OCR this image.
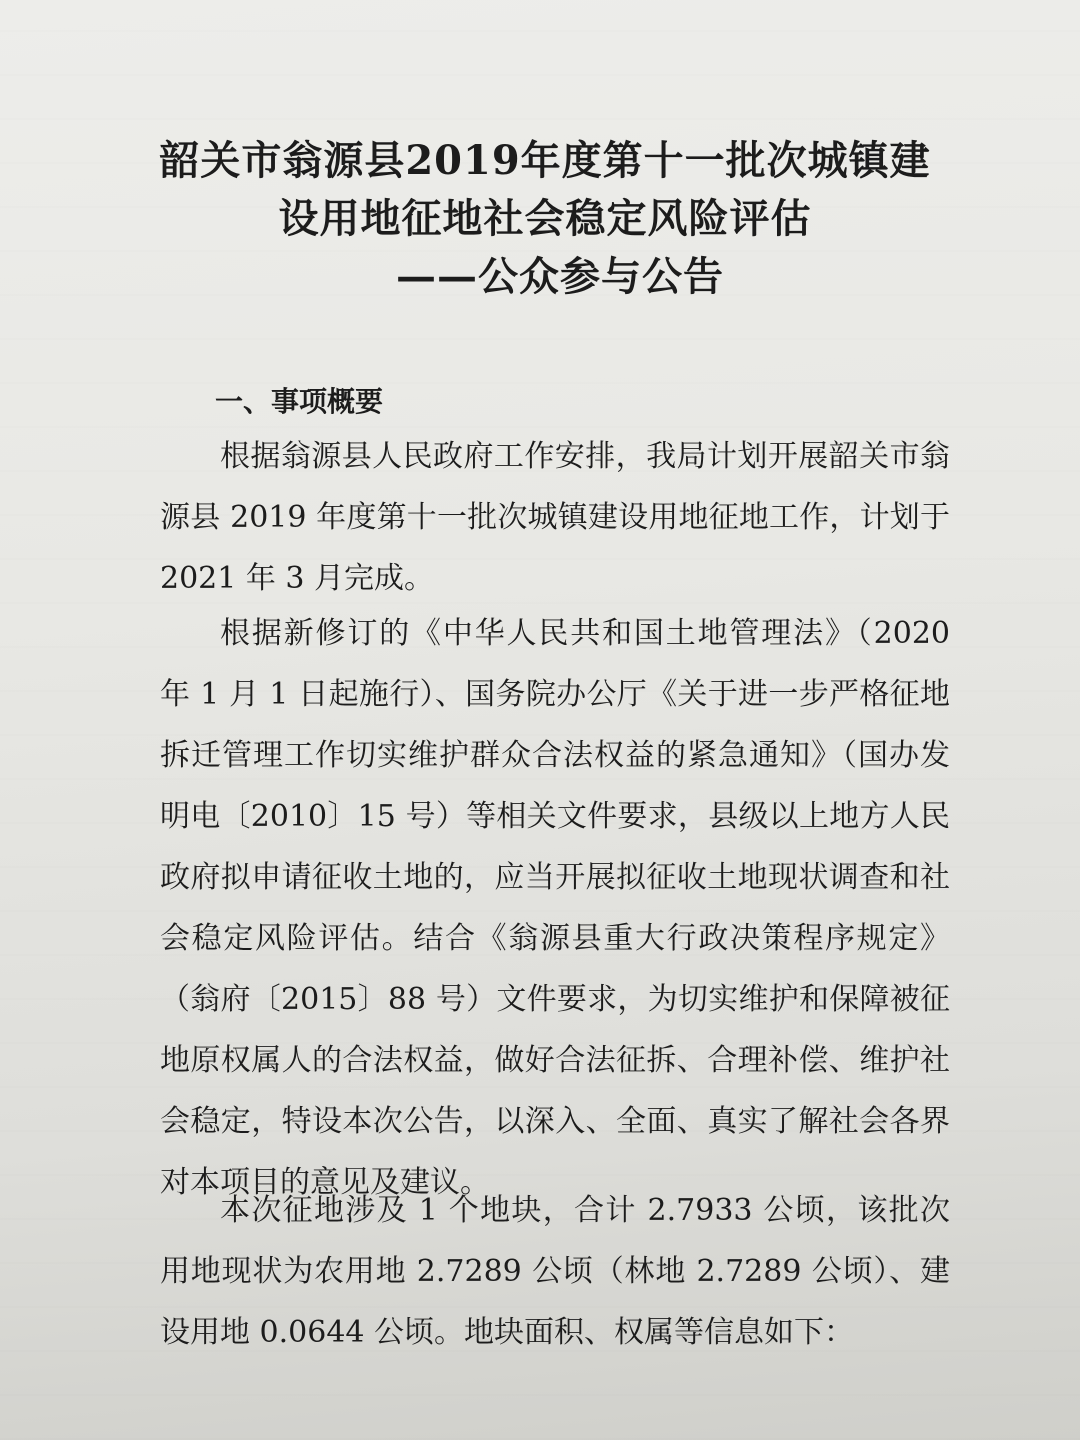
韶关市翁源县2019年度第十一批次城镇建
设用地征地社会稳定风险评估
——公众参与公告
一、事项概要
根据翁源县人民政府工作安排，我局计划开展韶关市翁源县 2019 年度第十一批次城镇建设用地征地工作，计划于 2021 年 3 月完成。
根据新修订的《中华人民共和国土地管理法》（2020 年 1 月 1 日起施行）、国务院办公厅《关于进一步严格征地拆迁管理工作切实维护群众合法权益的紧急通知》（国办发明电〔2010〕15 号）等相关文件要求，县级以上地方人民政府拟申请征收土地的，应当开展拟征收土地现状调查和社会稳定风险评估。结合《翁源县重大行政决策程序规定》（翁府〔2015〕88 号）文件要求，为切实维护和保障被征地原权属人的合法权益，做好合法征拆、合理补偿、维护社会稳定，特设本次公告，以深入、全面、真实了解社会各界对本项目的意见及建议。
本次征地涉及 1 个地块，合计 2.7933 公顷，该批次用地现状为农用地 2.7289 公顷（林地 2.7289 公顷）、建设用地 0.0644 公顷。地块面积、权属等信息如下：
